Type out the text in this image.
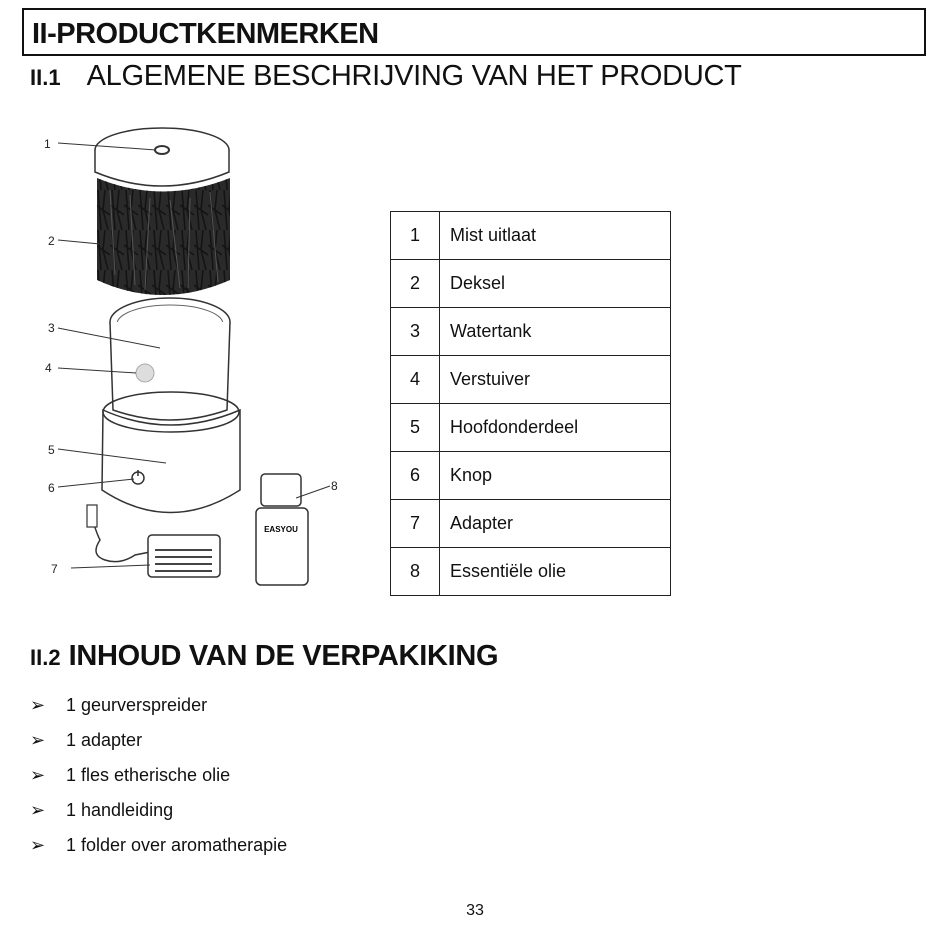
II-PRODUCTKENMERKEN
II.1 ALGEMENE BESCHRIJVING VAN HET PRODUCT
EASYOU
1
2
3
4
5
6
7
8
1	Mist uitlaat
2	Deksel
3	Watertank
4	Verstuiver
5	Hoofdonderdeel
6	Knop
7	Adapter
8	Essentiële olie
II.2 INHOUD VAN DE VERPAKIKING
➢	1 geurverspreider
➢	1 adapter
➢	1 fles etherische olie
➢	1 handleiding
➢	1 folder over aromatherapie
33
